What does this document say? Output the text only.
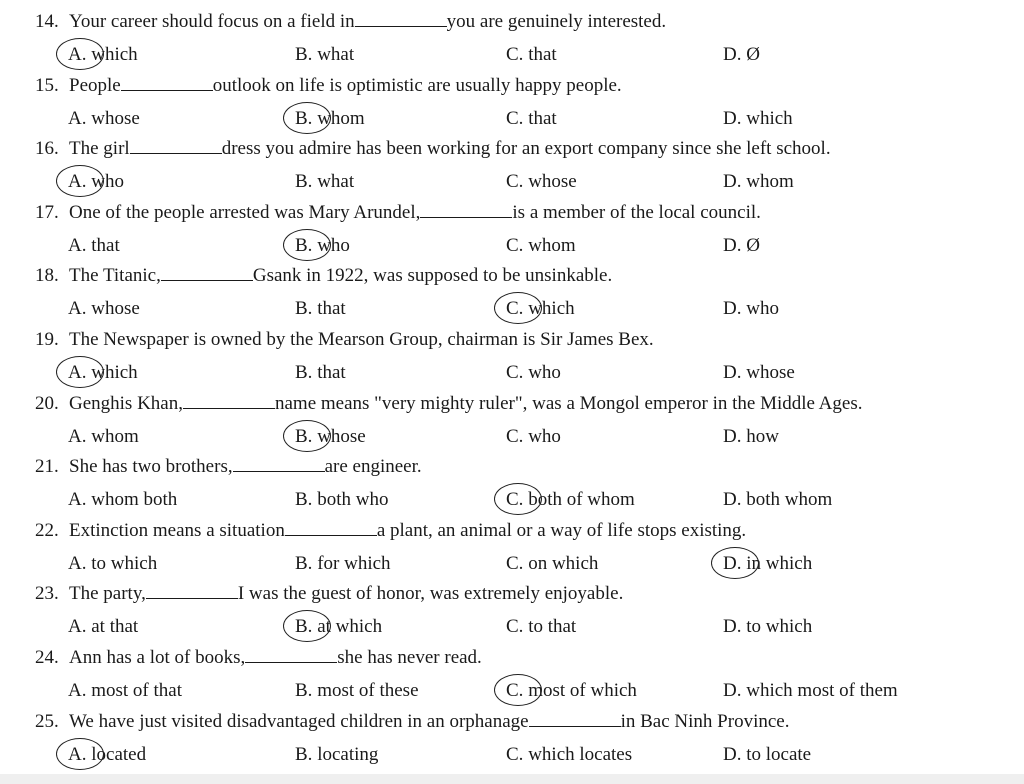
14. Your career should focus on a field in	you are genuinely interested.
A. which	B. what	C. that	D. Ø
15. People	outlook on life is optimistic are usually happy people.
A. whose	B. whom	C. that	D. which
16. The girl	dress you admire has been working for an export company since she left school.
A. who	B. what	C. whose	D. whom
17. One of the people arrested was Mary Arundel,	is a member of the local council.
A. that	B. who	C. whom	D. Ø
18. The Titanic,	Gsank in 1922, was supposed to be unsinkable.
A. whose	B. that	C. which	D. who
19. The Newspaper is owned by the Mearson Group, chairman is Sir James Bex.
A. which	B. that	C. who	D. whose
20. Genghis Khan,	name means "very mighty ruler", was a Mongol emperor in the Middle Ages.
A. whom	B. whose	C. who	D. how
21. She has two brothers,	are engineer.
A. whom both	B. both who	C. both of whom	D. both whom
22. Extinction means a situation	a plant, an animal or a way of life stops existing.
A. to which	B. for which	C. on which	D. in which
23. The party,	I was the guest of honor, was extremely enjoyable.
A. at that	B. at which	C. to that	D. to which
24. Ann has a lot of books,	she has never read.
A. most of that	B. most of these	C. most of which	D. which most of them
25. We have just visited disadvantaged children in an orphanage	in Bac Ninh Province.
A. located	B. locating	C. which locates	D. to locate
